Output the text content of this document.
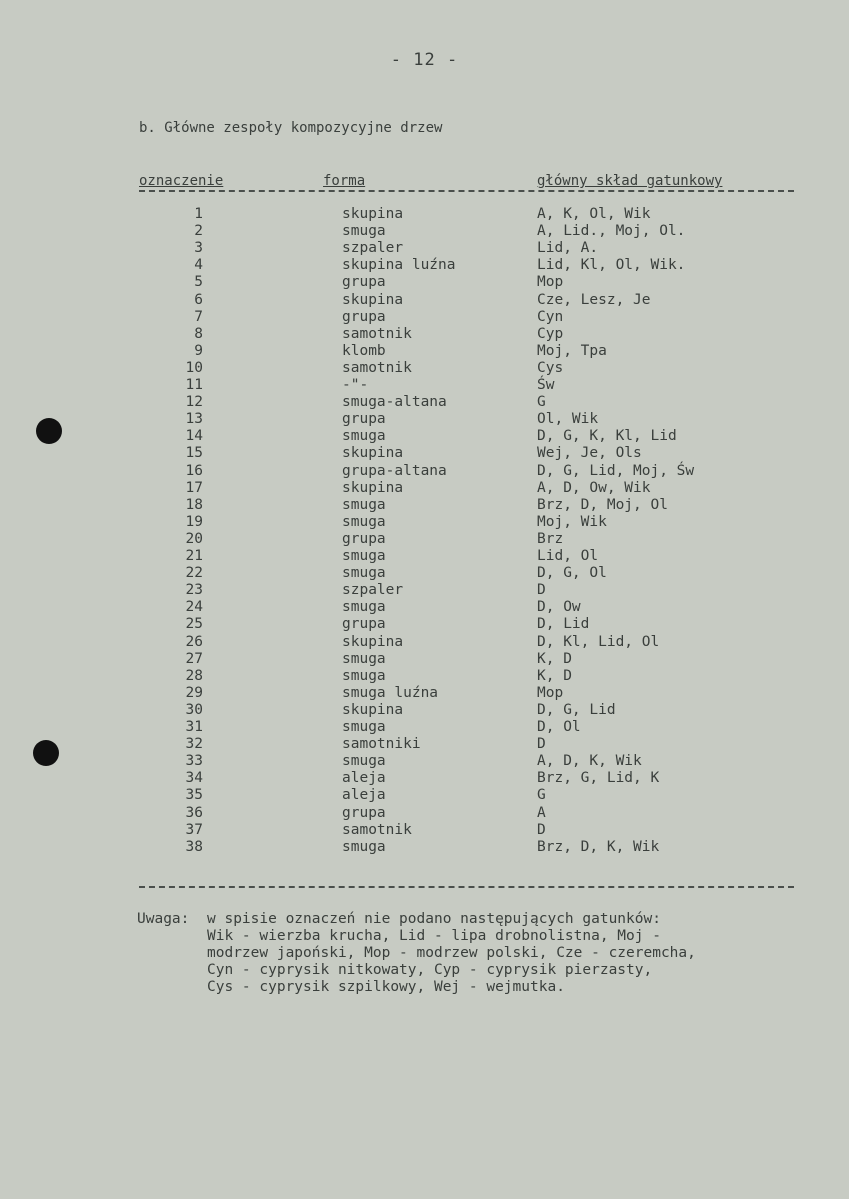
- 12 -
b. Główne zespoły kompozycyjne drzew
oznaczenie	forma	główny skład gatunkowy
1	skupina	A, K, Ol, Wik
2	smuga	A, Lid., Moj, Ol.
3	szpaler	Lid, A.
4	skupina luźna	Lid, Kl, Ol, Wik.
5	grupa	Mop
6	skupina	Cze, Lesz, Je
7	grupa	Cyn
8	samotnik	Cyp
9	klomb	Moj, Tpa
10	samotnik	Cys
11	-"-	Św
12	smuga-altana	G
13	grupa	Ol, Wik
14	smuga	D, G, K, Kl, Lid
15	skupina	Wej, Je, Ols
16	grupa-altana	D, G, Lid, Moj, Św
17	skupina	A, D, Ow, Wik
18	smuga	Brz, D, Moj, Ol
19	smuga	Moj, Wik
20	grupa	Brz
21	smuga	Lid, Ol
22	smuga	D, G, Ol
23	szpaler	D
24	smuga	D, Ow
25	grupa	D, Lid
26	skupina	D, Kl, Lid, Ol
27	smuga	K, D
28	smuga	K, D
29	smuga luźna	Mop
30	skupina	D, G, Lid
31	smuga	D, Ol
32	samotniki	D
33	smuga	A, D, K, Wik
34	aleja	Brz, G, Lid, K
35	aleja	G
36	grupa	A
37	samotnik	D
38	smuga	Brz, D, K, Wik
Uwaga: w spisie oznaczeń nie podano następujących gatunków:
Wik - wierzba krucha, Lid - lipa drobnolistna, Moj -
modrzew japoński, Mop - modrzew polski, Cze - czeremcha,
Cyn - cyprysik nitkowaty, Cyp - cyprysik pierzasty,
Cys - cyprysik szpilkowy, Wej - wejmutka.
